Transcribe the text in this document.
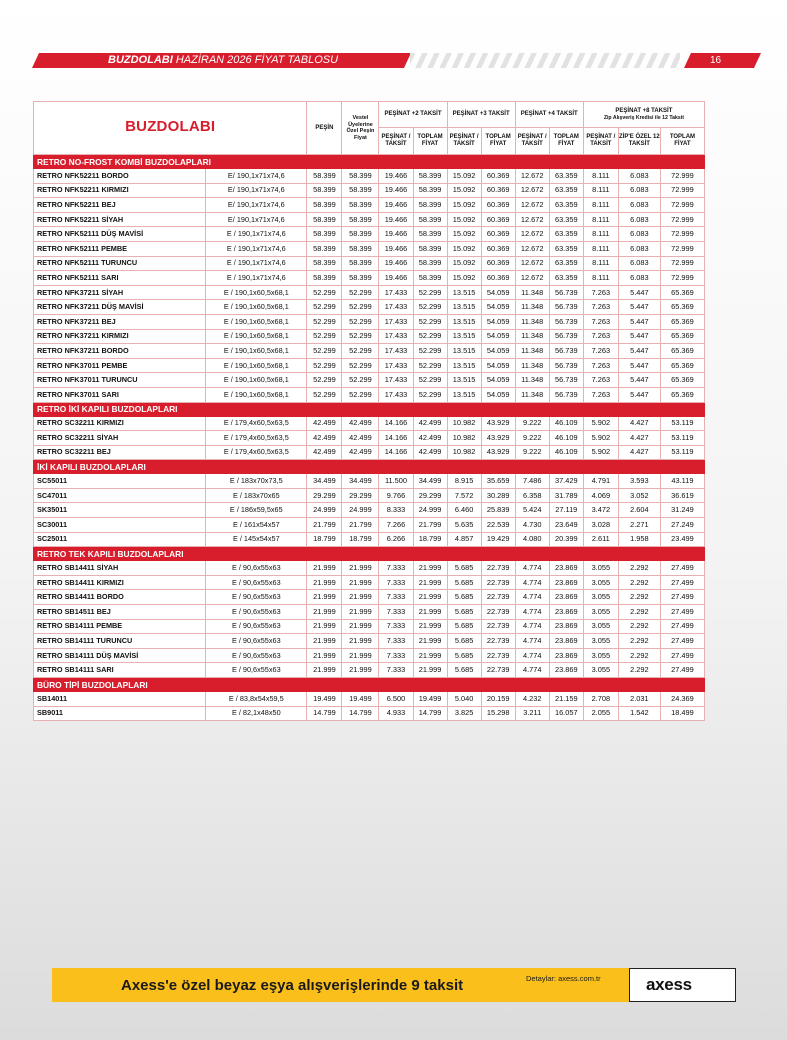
BUZDOLABI HAZİRAN 2026 FİYAT TABLOSU	16
BUZDOLABI		PEŞİN	Vestel Üyelerine Özel Peşin Fiyat	PEŞİNAT +2 TAKSİT		PEŞİNAT +3 TAKSİT		PEŞİNAT +4 TAKSİT		PEŞİNAT +8 TAKSİT
Zip Alışveriş Kredisi ile 12 Taksit		

				PEŞİNAT / TAKSİT	TOPLAM FİYAT	PEŞİNAT / TAKSİT	TOPLAM FİYAT	PEŞİNAT / TAKSİT	TOPLAM FİYAT	PEŞİNAT / TAKSİT	ZİP'E ÖZEL 12 TAKSİT	TOPLAM FİYAT
RETRO NO-FROST KOMBİ BUZDOLAPLARI												
RETRO NFK52211 BORDO	E/ 190,1x71x74,6	58.399	58.399	19.466	58.399	15.092	60.369	12.672	63.359	8.111	6.083	72.999
RETRO NFK52211 KIRMIZI	E/ 190,1x71x74,6	58.399	58.399	19.466	58.399	15.092	60.369	12.672	63.359	8.111	6.083	72.999
RETRO NFK52211 BEJ	E/ 190,1x71x74,6	58.399	58.399	19.466	58.399	15.092	60.369	12.672	63.359	8.111	6.083	72.999
RETRO NFK52211 SİYAH	E/ 190,1x71x74,6	58.399	58.399	19.466	58.399	15.092	60.369	12.672	63.359	8.111	6.083	72.999
RETRO NFK52111 DÜŞ MAVİSİ	E / 190,1x71x74,6	58.399	58.399	19.466	58.399	15.092	60.369	12.672	63.359	8.111	6.083	72.999
RETRO NFK52111 PEMBE	E / 190,1x71x74,6	58.399	58.399	19.466	58.399	15.092	60.369	12.672	63.359	8.111	6.083	72.999
RETRO NFK52111 TURUNCU	E / 190,1x71x74,6	58.399	58.399	19.466	58.399	15.092	60.369	12.672	63.359	8.111	6.083	72.999
RETRO NFK52111 SARI	E / 190,1x71x74,6	58.399	58.399	19.466	58.399	15.092	60.369	12.672	63.359	8.111	6.083	72.999
RETRO NFK37211 SİYAH	E / 190,1x60,5x68,1	52.299	52.299	17.433	52.299	13.515	54.059	11.348	56.739	7.263	5.447	65.369
RETRO NFK37211 DÜŞ MAVİSİ	E / 190,1x60,5x68,1	52.299	52.299	17.433	52.299	13.515	54.059	11.348	56.739	7.263	5.447	65.369
RETRO NFK37211 BEJ	E / 190,1x60,5x68,1	52.299	52.299	17.433	52.299	13.515	54.059	11.348	56.739	7.263	5.447	65.369
RETRO NFK37211 KIRMIZI	E / 190,1x60,5x68,1	52.299	52.299	17.433	52.299	13.515	54.059	11.348	56.739	7.263	5.447	65.369
RETRO NFK37211 BORDO	E / 190,1x60,5x68,1	52.299	52.299	17.433	52.299	13.515	54.059	11.348	56.739	7.263	5.447	65.369
RETRO NFK37011 PEMBE	E / 190,1x60,5x68,1	52.299	52.299	17.433	52.299	13.515	54.059	11.348	56.739	7.263	5.447	65.369
RETRO NFK37011 TURUNCU	E / 190,1x60,5x68,1	52.299	52.299	17.433	52.299	13.515	54.059	11.348	56.739	7.263	5.447	65.369
RETRO NFK37011 SARI	E / 190,1x60,5x68,1	52.299	52.299	17.433	52.299	13.515	54.059	11.348	56.739	7.263	5.447	65.369
RETRO İKİ KAPILI BUZDOLAPLARI												
RETRO SC32211 KIRMIZI	E / 179,4x60,5x63,5	42.499	42.499	14.166	42.499	10.982	43.929	9.222	46.109	5.902	4.427	53.119
RETRO SC32211 SİYAH	E / 179,4x60,5x63,5	42.499	42.499	14.166	42.499	10.982	43.929	9.222	46.109	5.902	4.427	53.119
RETRO SC32211 BEJ	E / 179,4x60,5x63,5	42.499	42.499	14.166	42.499	10.982	43.929	9.222	46.109	5.902	4.427	53.119
İKİ KAPILI BUZDOLAPLARI												
SC55011	E / 183x70x73,5	34.499	34.499	11.500	34.499	8.915	35.659	7.486	37.429	4.791	3.593	43.119
SC47011	E / 183x70x65	29.299	29.299	9.766	29.299	7.572	30.289	6.358	31.789	4.069	3.052	36.619
SK35011	E / 186x59,5x65	24.999	24.999	8.333	24.999	6.460	25.839	5.424	27.119	3.472	2.604	31.249
SC30011	E / 161x54x57	21.799	21.799	7.266	21.799	5.635	22.539	4.730	23.649	3.028	2.271	27.249
SC25011	E / 145x54x57	18.799	18.799	6.266	18.799	4.857	19.429	4.080	20.399	2.611	1.958	23.499
RETRO TEK KAPILI BUZDOLAPLARI												
RETRO SB14411 SİYAH	E / 90,6x55x63	21.999	21.999	7.333	21.999	5.685	22.739	4.774	23.869	3.055	2.292	27.499
RETRO SB14411 KIRMIZI	E / 90,6x55x63	21.999	21.999	7.333	21.999	5.685	22.739	4.774	23.869	3.055	2.292	27.499
RETRO SB14411 BORDO	E / 90,6x55x63	21.999	21.999	7.333	21.999	5.685	22.739	4.774	23.869	3.055	2.292	27.499
RETRO SB14511 BEJ	E / 90,6x55x63	21.999	21.999	7.333	21.999	5.685	22.739	4.774	23.869	3.055	2.292	27.499
RETRO SB14111 PEMBE	E / 90,6x55x63	21.999	21.999	7.333	21.999	5.685	22.739	4.774	23.869	3.055	2.292	27.499
RETRO SB14111 TURUNCU	E / 90,6x55x63	21.999	21.999	7.333	21.999	5.685	22.739	4.774	23.869	3.055	2.292	27.499
RETRO SB14111 DÜŞ MAVİSİ	E / 90,6x55x63	21.999	21.999	7.333	21.999	5.685	22.739	4.774	23.869	3.055	2.292	27.499
RETRO SB14111 SARI	E / 90,6x55x63	21.999	21.999	7.333	21.999	5.685	22.739	4.774	23.869	3.055	2.292	27.499
BÜRO TİPİ BUZDOLAPLARI												
SB14011	E / 83,8x54x59,5	19.499	19.499	6.500	19.499	5.040	20.159	4.232	21.159	2.708	2.031	24.369
SB9011	E / 82,1x48x50	14.799	14.799	4.933	14.799	3.825	15.298	3.211	16.057	2.055	1.542	18.499
Axess'e özel beyaz eşya alışverişlerinde 9 taksit	Detaylar: axess.com.tr	axess
